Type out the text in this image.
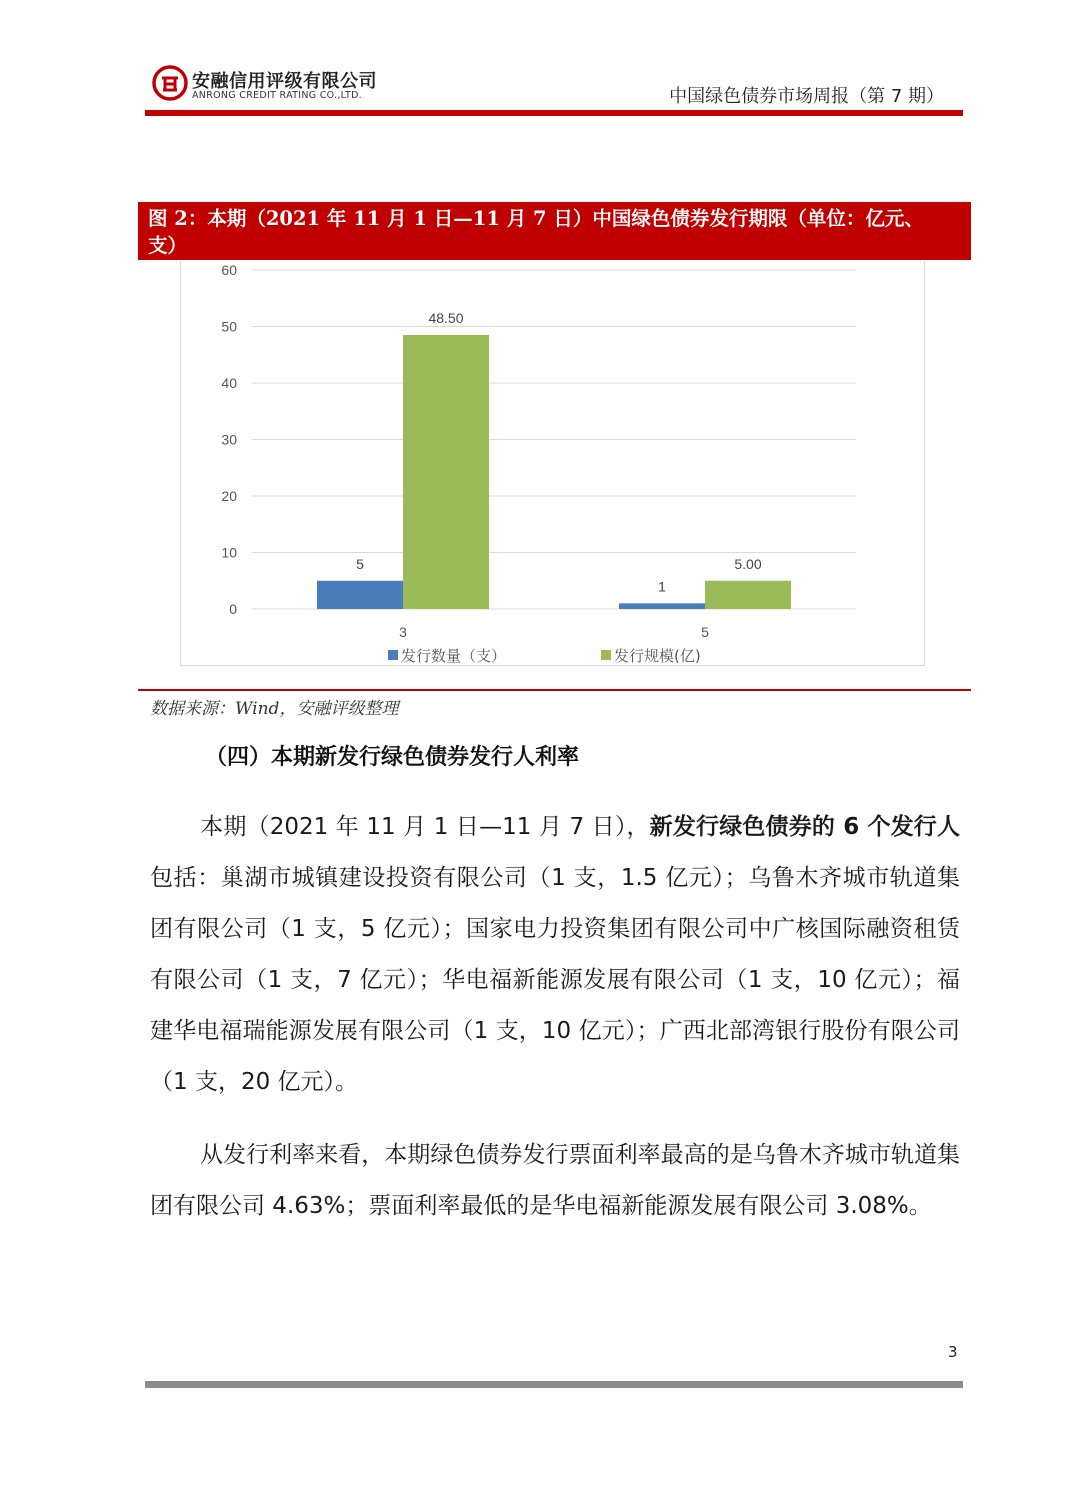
安融信用评级有限公司
ANRONG CREDIT RATING CO.,LTD.	中国绿色债券市场周报（第 7 期）
图 2：本期（2021 年 11 月 1 日—11 月 7 日）中国绿色债券发行期限（单位：亿元、支）
0
10
20
30
40
50
60
5
48.50
3
1
5.00
5
发行数量（支）	发行规模(亿)
数据来源：Wind，安融评级整理
（四）本期新发行绿色债券发行人利率
本期（2021 年 11 月 1 日—11 月 7 日），新发行绿色债券的 6 个发行人包括：巢湖市城镇建设投资有限公司（1 支，1.5 亿元）；乌鲁木齐城市轨道集团有限公司（1 支，5 亿元）；国家电力投资集团有限公司中广核国际融资租赁有限公司（1 支，7 亿元）；华电福新能源发展有限公司（1 支，10 亿元）；福建华电福瑞能源发展有限公司（1 支，10 亿元）；广西北部湾银行股份有限公司（1 支，20 亿元）。
从发行利率来看，本期绿色债券发行票面利率最高的是乌鲁木齐城市轨道集团有限公司 4.63%；票面利率最低的是华电福新能源发展有限公司 3.08%。
3
